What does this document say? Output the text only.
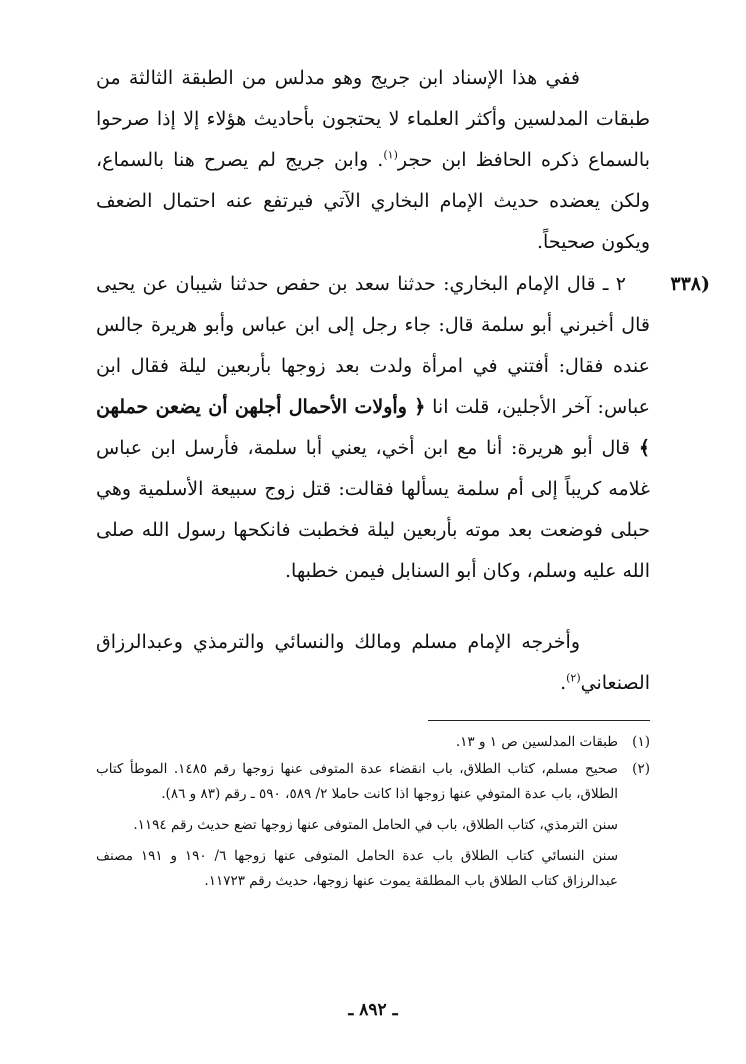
ففي هذا الإسناد ابن جريج وهو مدلس من الطبقة الثالثة من طبقات المدلسين وأكثر العلماء لا يحتجون بأحاديث هؤلاء إلا إذا صرحوا بالسماع ذكره الحافظ ابن حجر$^{(١)}$. وابن جريج لم يصرح هنا بالسماع، ولكن يعضده حديث الإمام البخاري الآتي فيرتفع عنه احتمال الضعف ويكون صحيحاً.
(٣٣٨
٢ ـ قال الإمام البخاري: حدثنا سعد بن حفص حدثنا شيبان عن يحيى قال أخبرني أبو سلمة قال: جاء رجل إلى ابن عباس وأبو هريرة جالس عنده فقال: أفتني في امرأة ولدت بعد زوجها بأربعين ليلة فقال ابن عباس: آخر الأجلين، قلت انا ﴿ وأولات الأحمال أجلهن أن يضعن حملهن ﴾ قال أبو هريرة: أنا مع ابن أخي، يعني أبا سلمة، فأرسل ابن عباس غلامه كريباً إلى أم سلمة يسألها فقالت: قتل زوج سبيعة الأسلمية وهي حبلى فوضعت بعد موته بأربعين ليلة فخطبت فانكحها رسول الله صلى الله عليه وسلم، وكان أبو السنابل فيمن خطبها.
وأخرجه الإمام مسلم ومالك والنسائي والترمذي وعبدالرزاق الصنعاني$^{(٢)}$.
(١)
طبقات المدلسين ص ١ و ١٣.
(٢)
صحيح مسلم، كتاب الطلاق، باب انقضاء عدة المتوفى عنها زوجها رقم ١٤٨٥. الموطأ كتاب الطلاق، باب عدة المتوفي عنها زوجها اذا كانت حاملا ٢/ ٥٨٩، ٥٩٠ ـ رقم (٨٣ و ٨٦).
سنن الترمذي، كتاب الطلاق، باب في الحامل المتوفى عنها زوجها تضع حديث رقم ١١٩٤.
سنن النسائي كتاب الطلاق باب عدة الحامل المتوفى عنها زوجها ٦/ ١٩٠ و ١٩١ مصنف عبدالرزاق كتاب الطلاق باب المطلقة يموت عنها زوجها، حديث رقم ١١٧٢٣.
ـ ٨٩٢ ـ
